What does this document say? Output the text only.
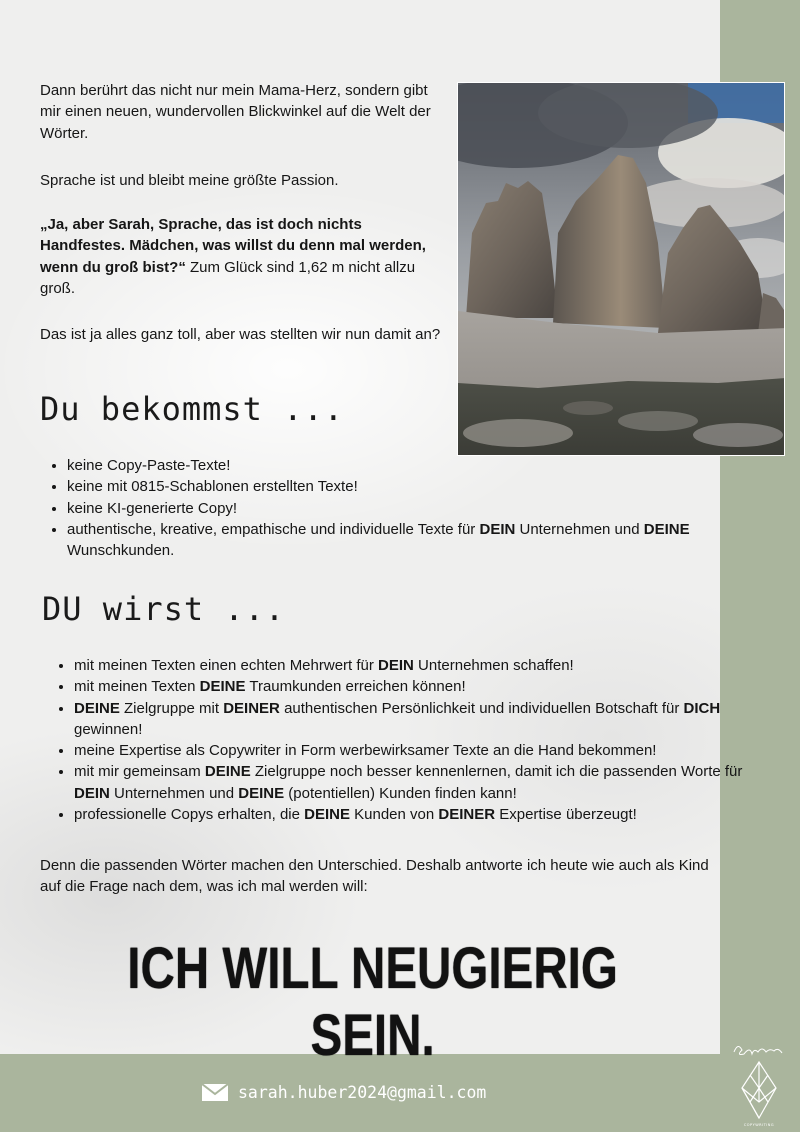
Dann berührt das nicht nur mein Mama-Herz, sondern gibt mir einen neuen, wundervollen Blickwinkel auf die Welt der Wörter.
Sprache ist und bleibt meine größte Passion.
„Ja, aber Sarah, Sprache, das ist doch nichts Handfestes. Mädchen, was willst du denn mal werden, wenn du groß bist?“ Zum Glück sind 1,62 m nicht allzu groß.
Das ist ja alles ganz toll, aber was stellten wir nun damit an?
Du bekommst ...
• keine Copy-Paste-Texte!
• keine mit 0815-Schablonen erstellten Texte!
• keine KI-generierte Copy!
• authentische, kreative, empathische und individuelle Texte für DEIN Unternehmen und DEINE Wunschkunden.
DU wirst ...
• mit meinen Texten einen echten Mehrwert für DEIN Unternehmen schaffen!
• mit meinen Texten DEINE Traumkunden erreichen können!
• DEINE Zielgruppe mit DEINER authentischen Persönlichkeit und individuellen Botschaft für DICH gewinnen!
• meine Expertise als Copywriter in Form werbewirksamer Texte an die Hand bekommen!
• mit mir gemeinsam DEINE Zielgruppe noch besser kennenlernen, damit ich die passenden Worte für DEIN Unternehmen und DEINE (potentiellen) Kunden finden kann!
• professionelle Copys erhalten, die DEINE Kunden von DEINER Expertise überzeugt!
Denn die passenden Wörter machen den Unterschied. Deshalb antworte ich heute wie auch als Kind auf die Frage nach dem, was ich mal werden will:
ICH WILL NEUGIERIG SEIN.
sarah.huber2024@gmail.com
COPYWRITING
